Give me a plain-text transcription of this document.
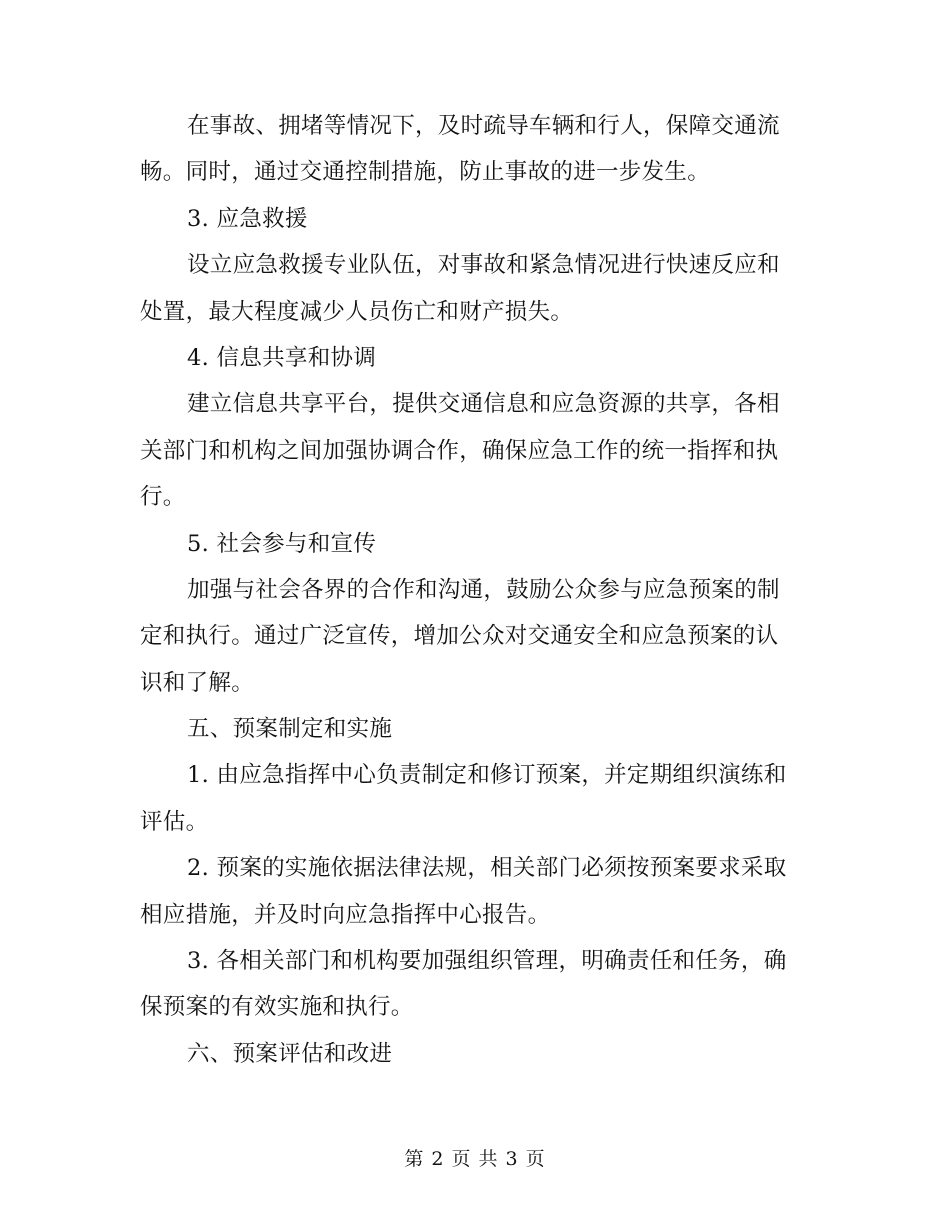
在事故、拥堵等情况下，及时疏导车辆和行人，保障交通流
畅。同时，通过交通控制措施，防止事故的进一步发生。
3. 应急救援
设立应急救援专业队伍，对事故和紧急情况进行快速反应和
处置，最大程度减少人员伤亡和财产损失。
4. 信息共享和协调
建立信息共享平台，提供交通信息和应急资源的共享，各相
关部门和机构之间加强协调合作，确保应急工作的统一指挥和执
行。
5. 社会参与和宣传
加强与社会各界的合作和沟通，鼓励公众参与应急预案的制
定和执行。通过广泛宣传，增加公众对交通安全和应急预案的认
识和了解。
五、预案制定和实施
1. 由应急指挥中心负责制定和修订预案，并定期组织演练和
评估。
2. 预案的实施依据法律法规，相关部门必须按预案要求采取
相应措施，并及时向应急指挥中心报告。
3. 各相关部门和机构要加强组织管理，明确责任和任务，确
保预案的有效实施和执行。
六、预案评估和改进
第 2 页 共 3 页
